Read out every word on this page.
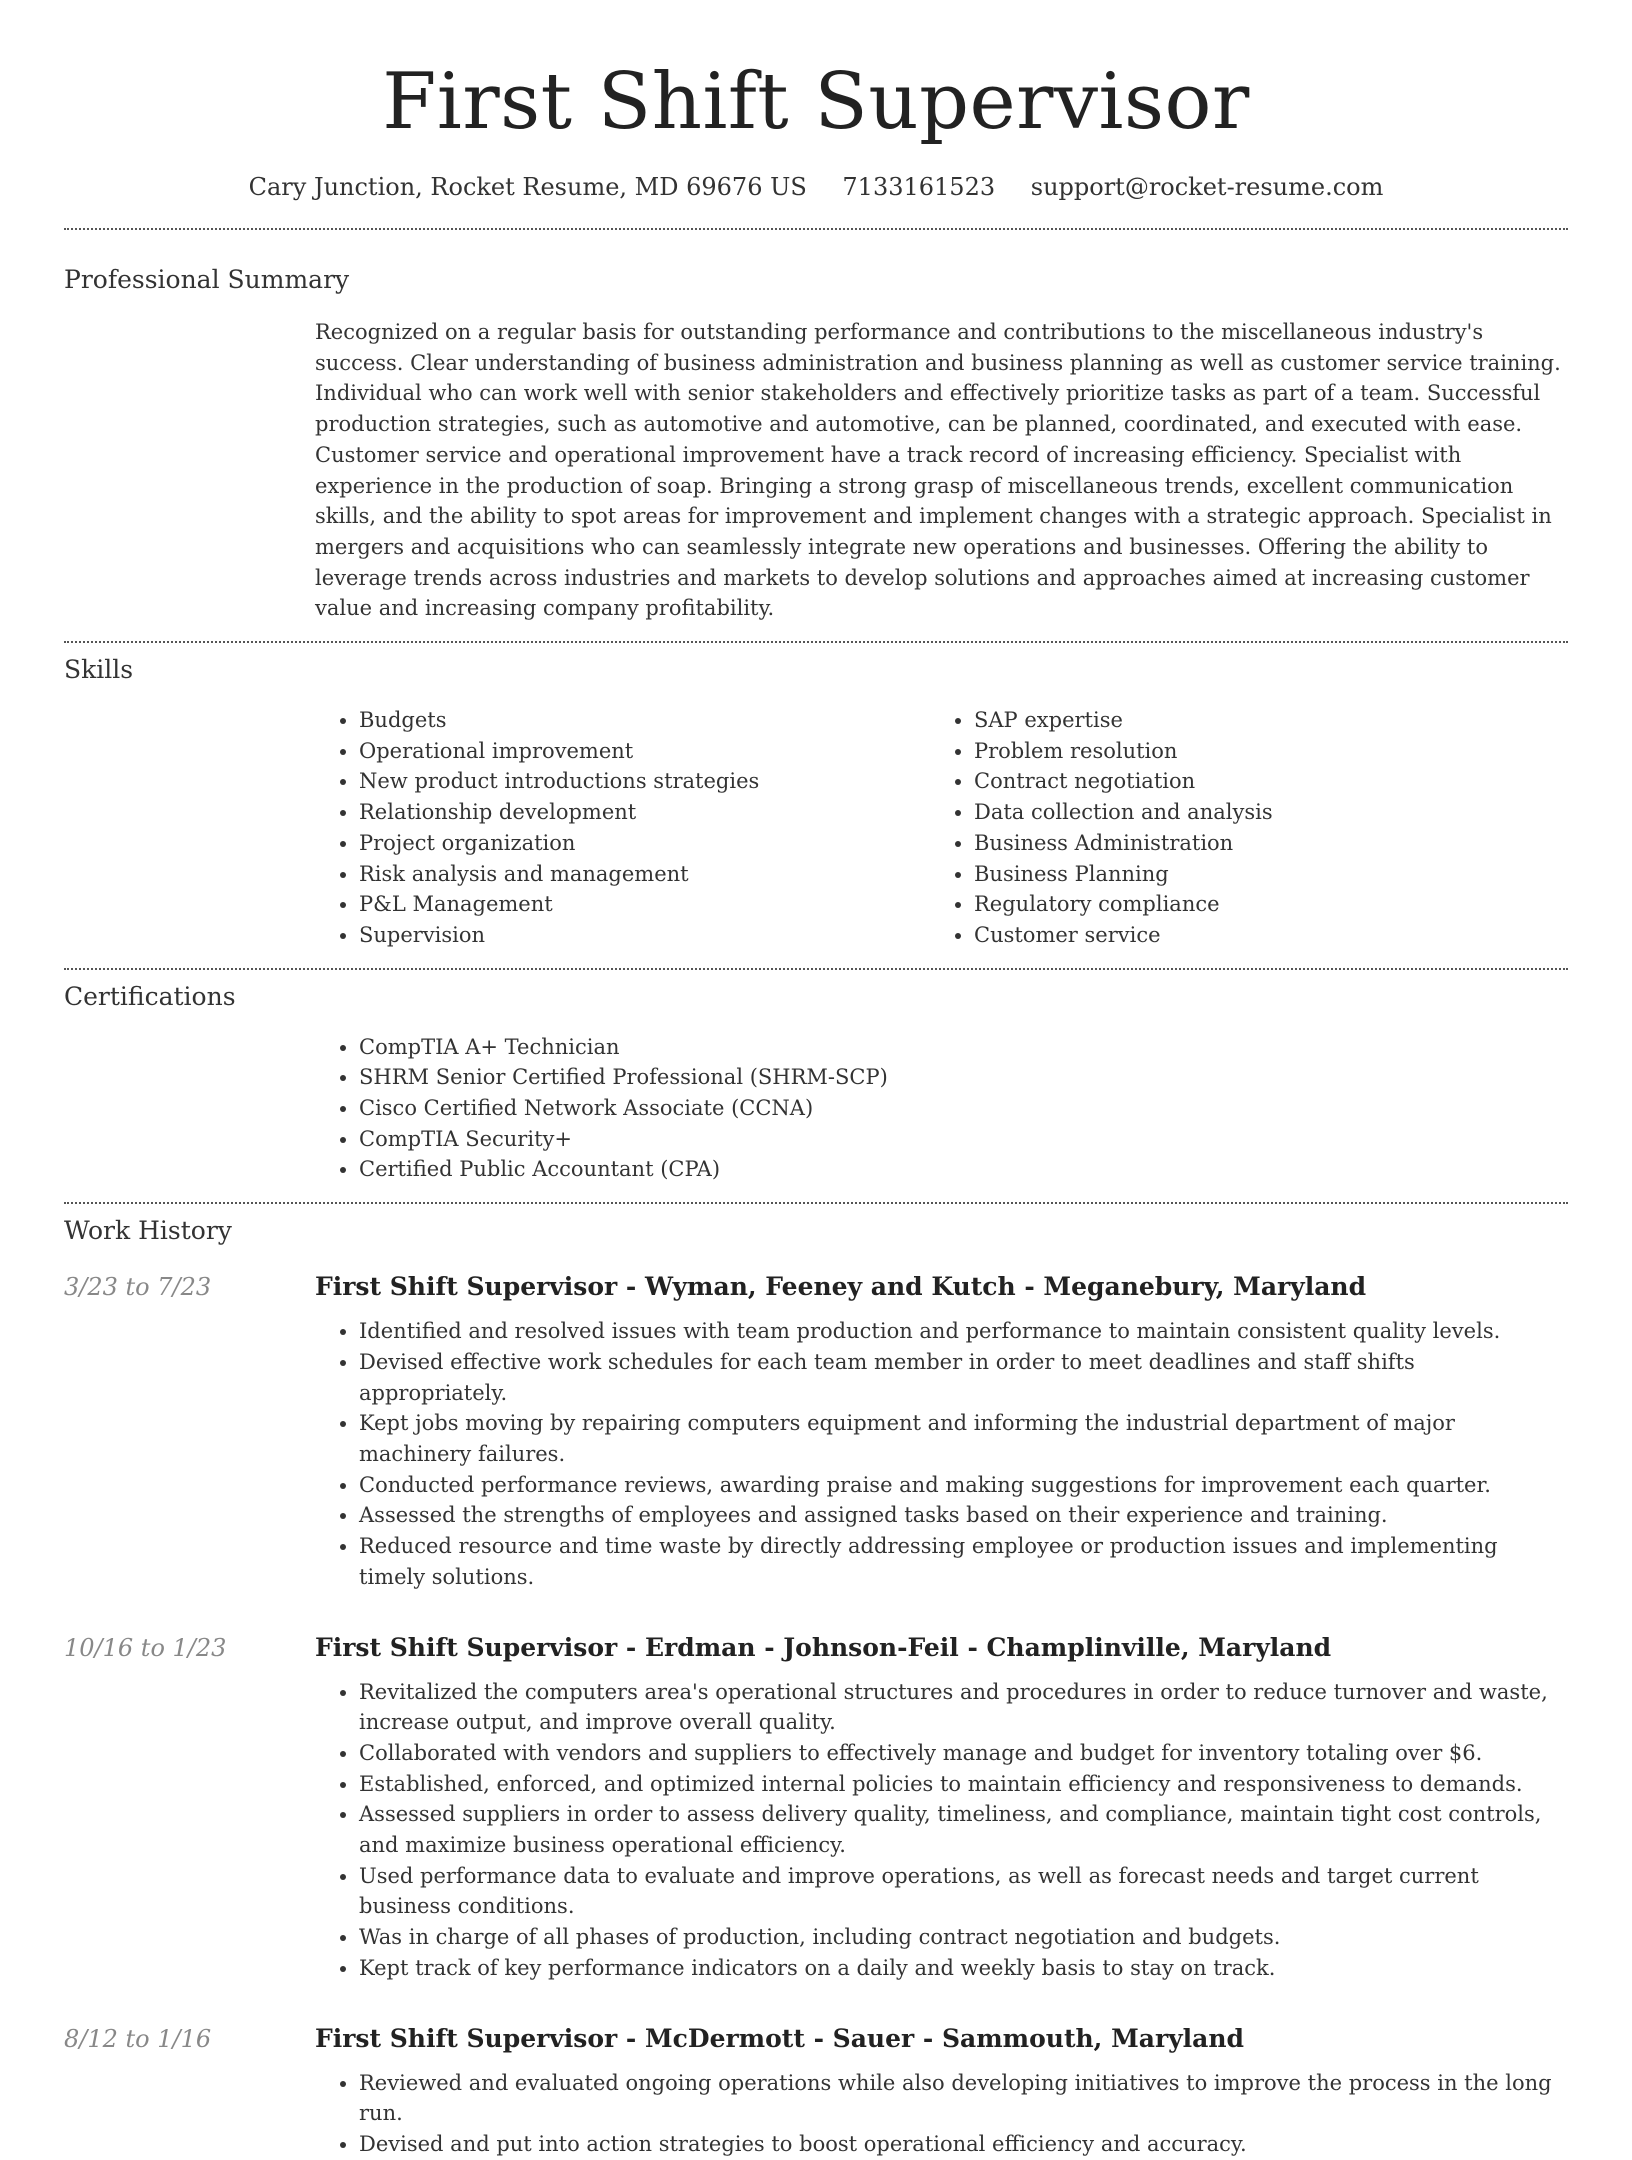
First Shift Supervisor
Cary Junction, Rocket Resume, MD 69676 US 7133161523 support@rocket-resume.com
Professional Summary

Recognized on a regular basis for outstanding performance and contributions to the miscellaneous industry's success. Clear understanding of business administration and business planning as well as customer service training. Individual who can work well with senior stakeholders and effectively prioritize tasks as part of a team. Successful production strategies, such as automotive and automotive, can be planned, coordinated, and executed with ease. Customer service and operational improvement have a track record of increasing efficiency. Specialist with experience in the production of soap. Bringing a strong grasp of miscellaneous trends, excellent communication skills, and the ability to spot areas for improvement and implement changes with a strategic approach. Specialist in mergers and acquisitions who can seamlessly integrate new operations and businesses. Offering the ability to leverage trends across industries and markets to develop solutions and approaches aimed at increasing customer value and increasing company profitability.

Skills
• Budgets
• Operational improvement
• New product introductions strategies
• Relationship development
• Project organization
• Risk analysis and management
• P&L Management
• Supervision
• SAP expertise
• Problem resolution
• Contract negotiation
• Data collection and analysis
• Business Administration
• Business Planning
• Regulatory compliance
• Customer service
Certifications
• CompTIA A+ Technician
• SHRM Senior Certified Professional (SHRM-SCP)
• Cisco Certified Network Associate (CCNA)
• CompTIA Security+
• Certified Public Accountant (CPA)
Work History
3/23 to 7/23	First Shift Supervisor - Wyman, Feeney and Kutch - Meganebury, Maryland
• Identified and resolved issues with team production and performance to maintain consistent quality levels.
• Devised effective work schedules for each team member in order to meet deadlines and staff shifts appropriately.
• Kept jobs moving by repairing computers equipment and informing the industrial department of major machinery failures.
• Conducted performance reviews, awarding praise and making suggestions for improvement each quarter.
• Assessed the strengths of employees and assigned tasks based on their experience and training.
• Reduced resource and time waste by directly addressing employee or production issues and implementing timely solutions.
10/16 to 1/23	First Shift Supervisor - Erdman - Johnson-Feil - Champlinville, Maryland
• Revitalized the computers area's operational structures and procedures in order to reduce turnover and waste, increase output, and improve overall quality.
• Collaborated with vendors and suppliers to effectively manage and budget for inventory totaling over $6.
• Established, enforced, and optimized internal policies to maintain efficiency and responsiveness to demands.
• Assessed suppliers in order to assess delivery quality, timeliness, and compliance, maintain tight cost controls, and maximize business operational efficiency.
• Used performance data to evaluate and improve operations, as well as forecast needs and target current business conditions.
• Was in charge of all phases of production, including contract negotiation and budgets.
• Kept track of key performance indicators on a daily and weekly basis to stay on track.
8/12 to 1/16	First Shift Supervisor - McDermott - Sauer - Sammouth, Maryland
• Reviewed and evaluated ongoing operations while also developing initiatives to improve the process in the long run.
• Devised and put into action strategies to boost operational efficiency and accuracy.
